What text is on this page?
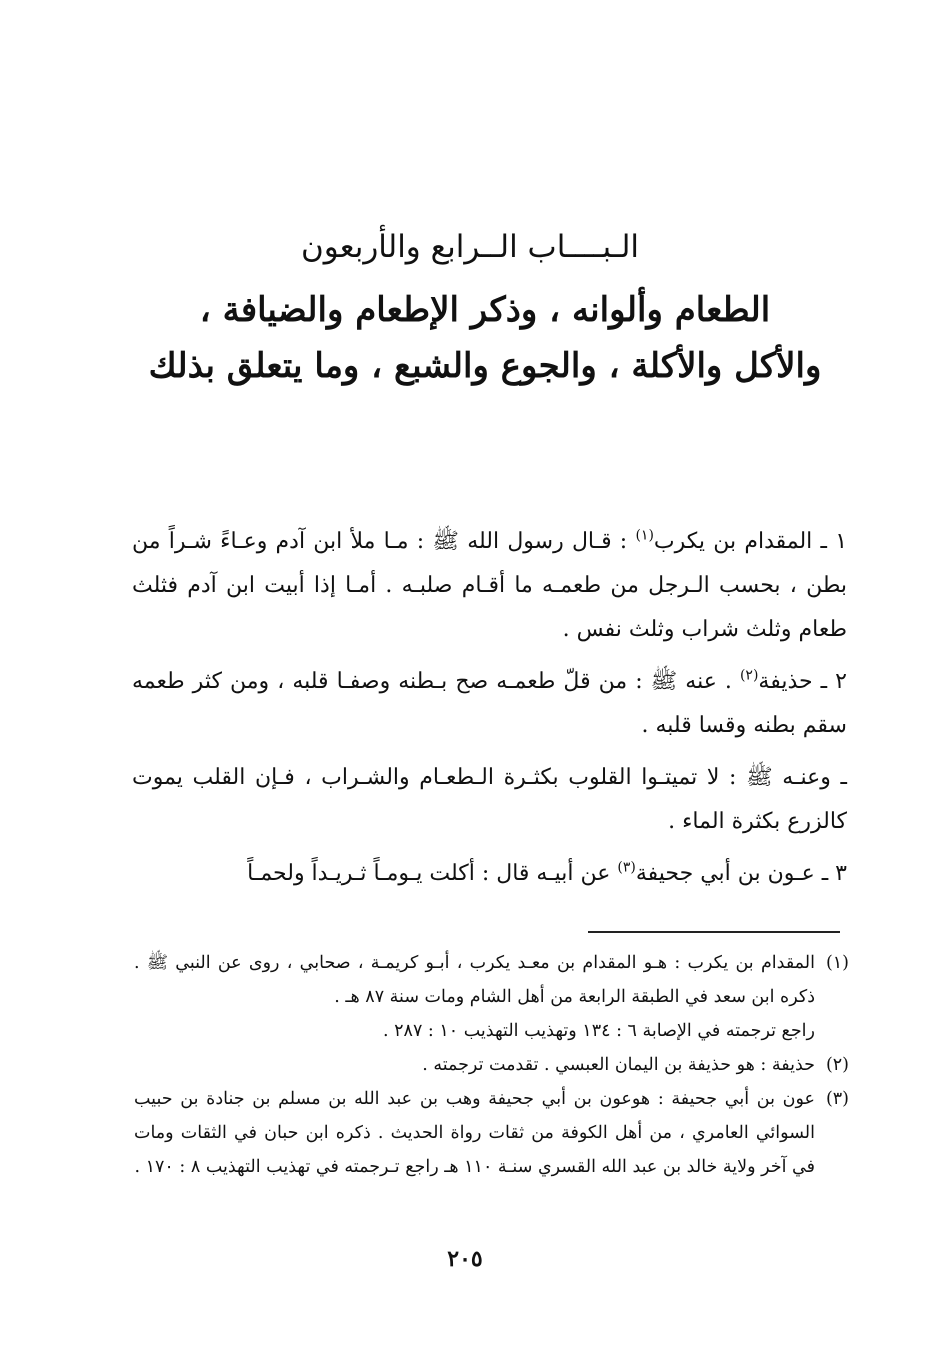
الـبــــاب الــرابع والأربعون
الطعام وألوانه ، وذكر الإطعام والضيافة ،
والأكل والأكلة ، والجوع والشبع ، وما يتعلق بذلك

١ ـ المقدام بن يكرب$^{(١)}$ : قـال رسول الله ﷺ : مـا ملأ ابن آدم وعـاءً شـراً من بطن ، بحسب الـرجل من طعمـه ما أقـام صلبـه . أمـا إذا أبيت ابن آدم فثلث طعام وثلث شراب وثلث نفس .

٢ ـ حذيفة$^{(٢)}$ . عنه ﷺ : من قلّ طعمـه صح بـطنه وصفـا قلبه ، ومن كثر طعمه سقم بطنه وقسا قلبه .

ـ وعنـه ﷺ : لا تميتـوا القلوب بكثـرة الـطعـام والشـراب ، فـإن القلب يموت كالزرع بكثرة الماء .

٣ ـ عـون بن أبي جحيفة$^{(٣)}$ عن أبيـه قال : أكلت يـومـاً ثـريـداً ولحمـاً

(١)
المقدام بن يكرب : هـو المقدام بن معـد يكرب ، أبـو كريمـة ، صحابي ، روى عن النبي ﷺ . ذكره ابن سعد في الطبقة الرابعة من أهل الشام ومات سنة ٨٧ هـ .

راجع ترجمته في الإصابة ٦ : ١٣٤ وتهذيب التهذيب ١٠ : ٢٨٧ .

(٢)
حذيفة : هو حذيفة بن اليمان العبسي . تقدمت ترجمته .

(٣)
عون بن أبي جحيفة : هوعون بن أبي جحيفة وهب بن عبد الله بن مسلم بن جنادة بن حبيب السوائي العامري ، من أهل الكوفة من ثقات رواة الحديث . ذكره ابن حبان في الثقات ومات في آخر ولاية خالد بن عبد الله القسري سنـة ١١٠ هـ راجع تـرجمته في تهذيب التهذيب ٨ : ١٧٠ .

٢٠٥
